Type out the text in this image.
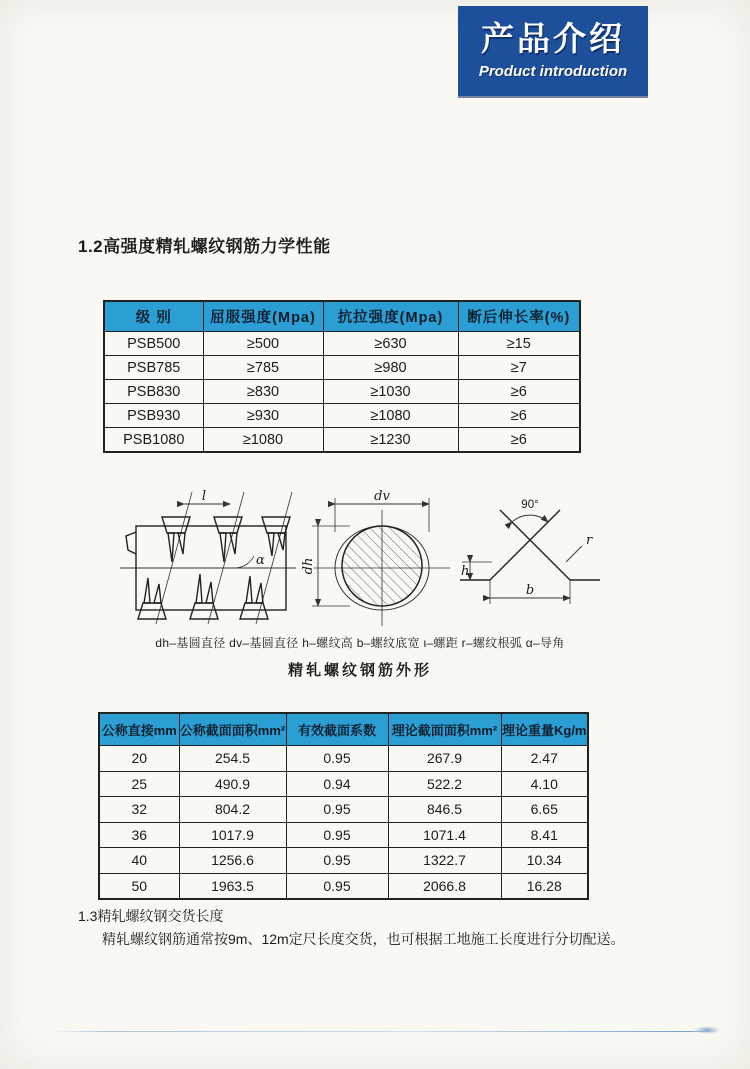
产品介绍
Product introduction
1.2高强度精轧螺纹钢筋力学性能
级 别	屈服强度(Mpa)	抗拉强度(Mpa)	断后伸长率(%)
PSB500	≥500	≥630	≥15
PSB785	≥785	≥980	≥7
PSB830	≥830	≥1030	≥6
PSB930	≥930	≥1080	≥6
PSB1080	≥1080	≥1230	≥6
l
α
dv
dh
90°
r
h
b
dh–基圆直径 dv–基圆直径 h–螺纹高 b–螺纹底宽 ι–螺距 r–螺纹根弧 α–导角
精轧螺纹钢筋外形
公称直接mm	公称截面面积mm²	有效截面系数	理论截面面积mm²	理论重量Kg/m
20	254.5	0.95	267.9	2.47
25	490.9	0.94	522.2	4.10
32	804.2	0.95	846.5	6.65
36	1017.9	0.95	1071.4	8.41
40	1256.6	0.95	1322.7	10.34
50	1963.5	0.95	2066.8	16.28
1.3精轧螺纹钢交货长度
精轧螺纹钢筋通常按9m、12m定尺长度交货，也可根据工地施工长度进行分切配送。
